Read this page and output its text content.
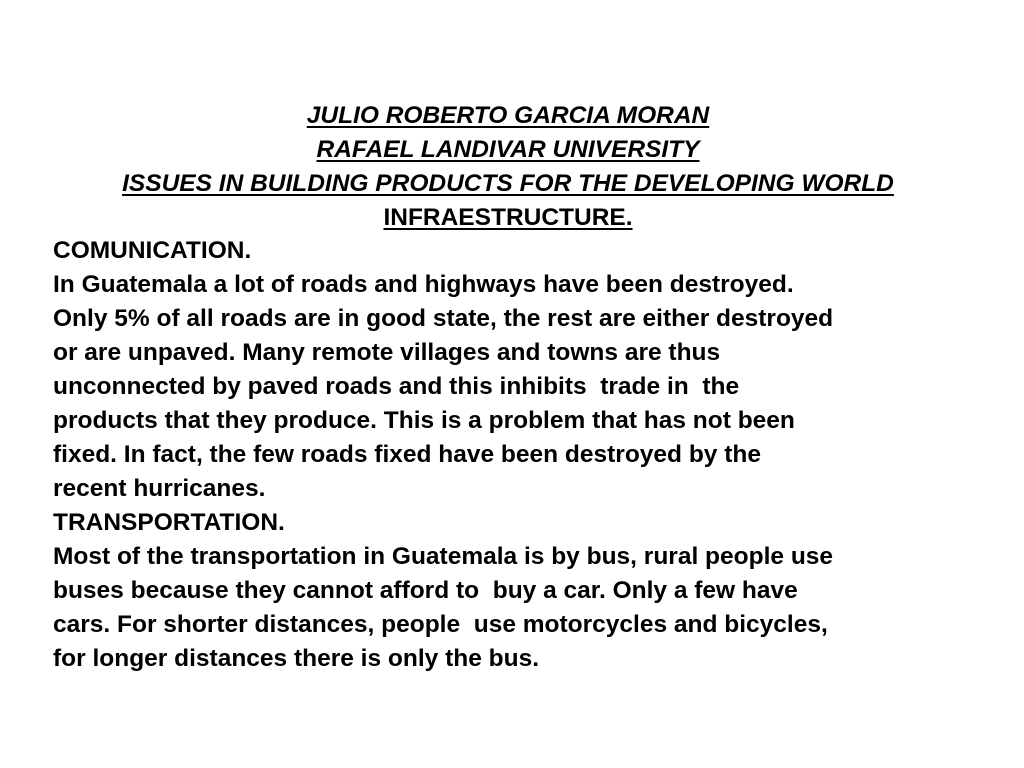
JULIO ROBERTO GARCIA MORAN
RAFAEL LANDIVAR UNIVERSITY
ISSUES IN BUILDING PRODUCTS FOR THE DEVELOPING WORLD
INFRAESTRUCTURE.
COMUNICATION.
In Guatemala a lot of roads and highways have been destroyed.
Only 5% of all roads are in good state, the rest are either destroyed
or are unpaved. Many remote villages and towns are thus
unconnected by paved roads and this inhibits  trade in  the
products that they produce. This is a problem that has not been
fixed. In fact, the few roads fixed have been destroyed by the
recent hurricanes.
TRANSPORTATION.
Most of the transportation in Guatemala is by bus, rural people use
buses because they cannot afford to  buy a car. Only a few have
cars. For shorter distances, people  use motorcycles and bicycles,
for longer distances there is only the bus.
